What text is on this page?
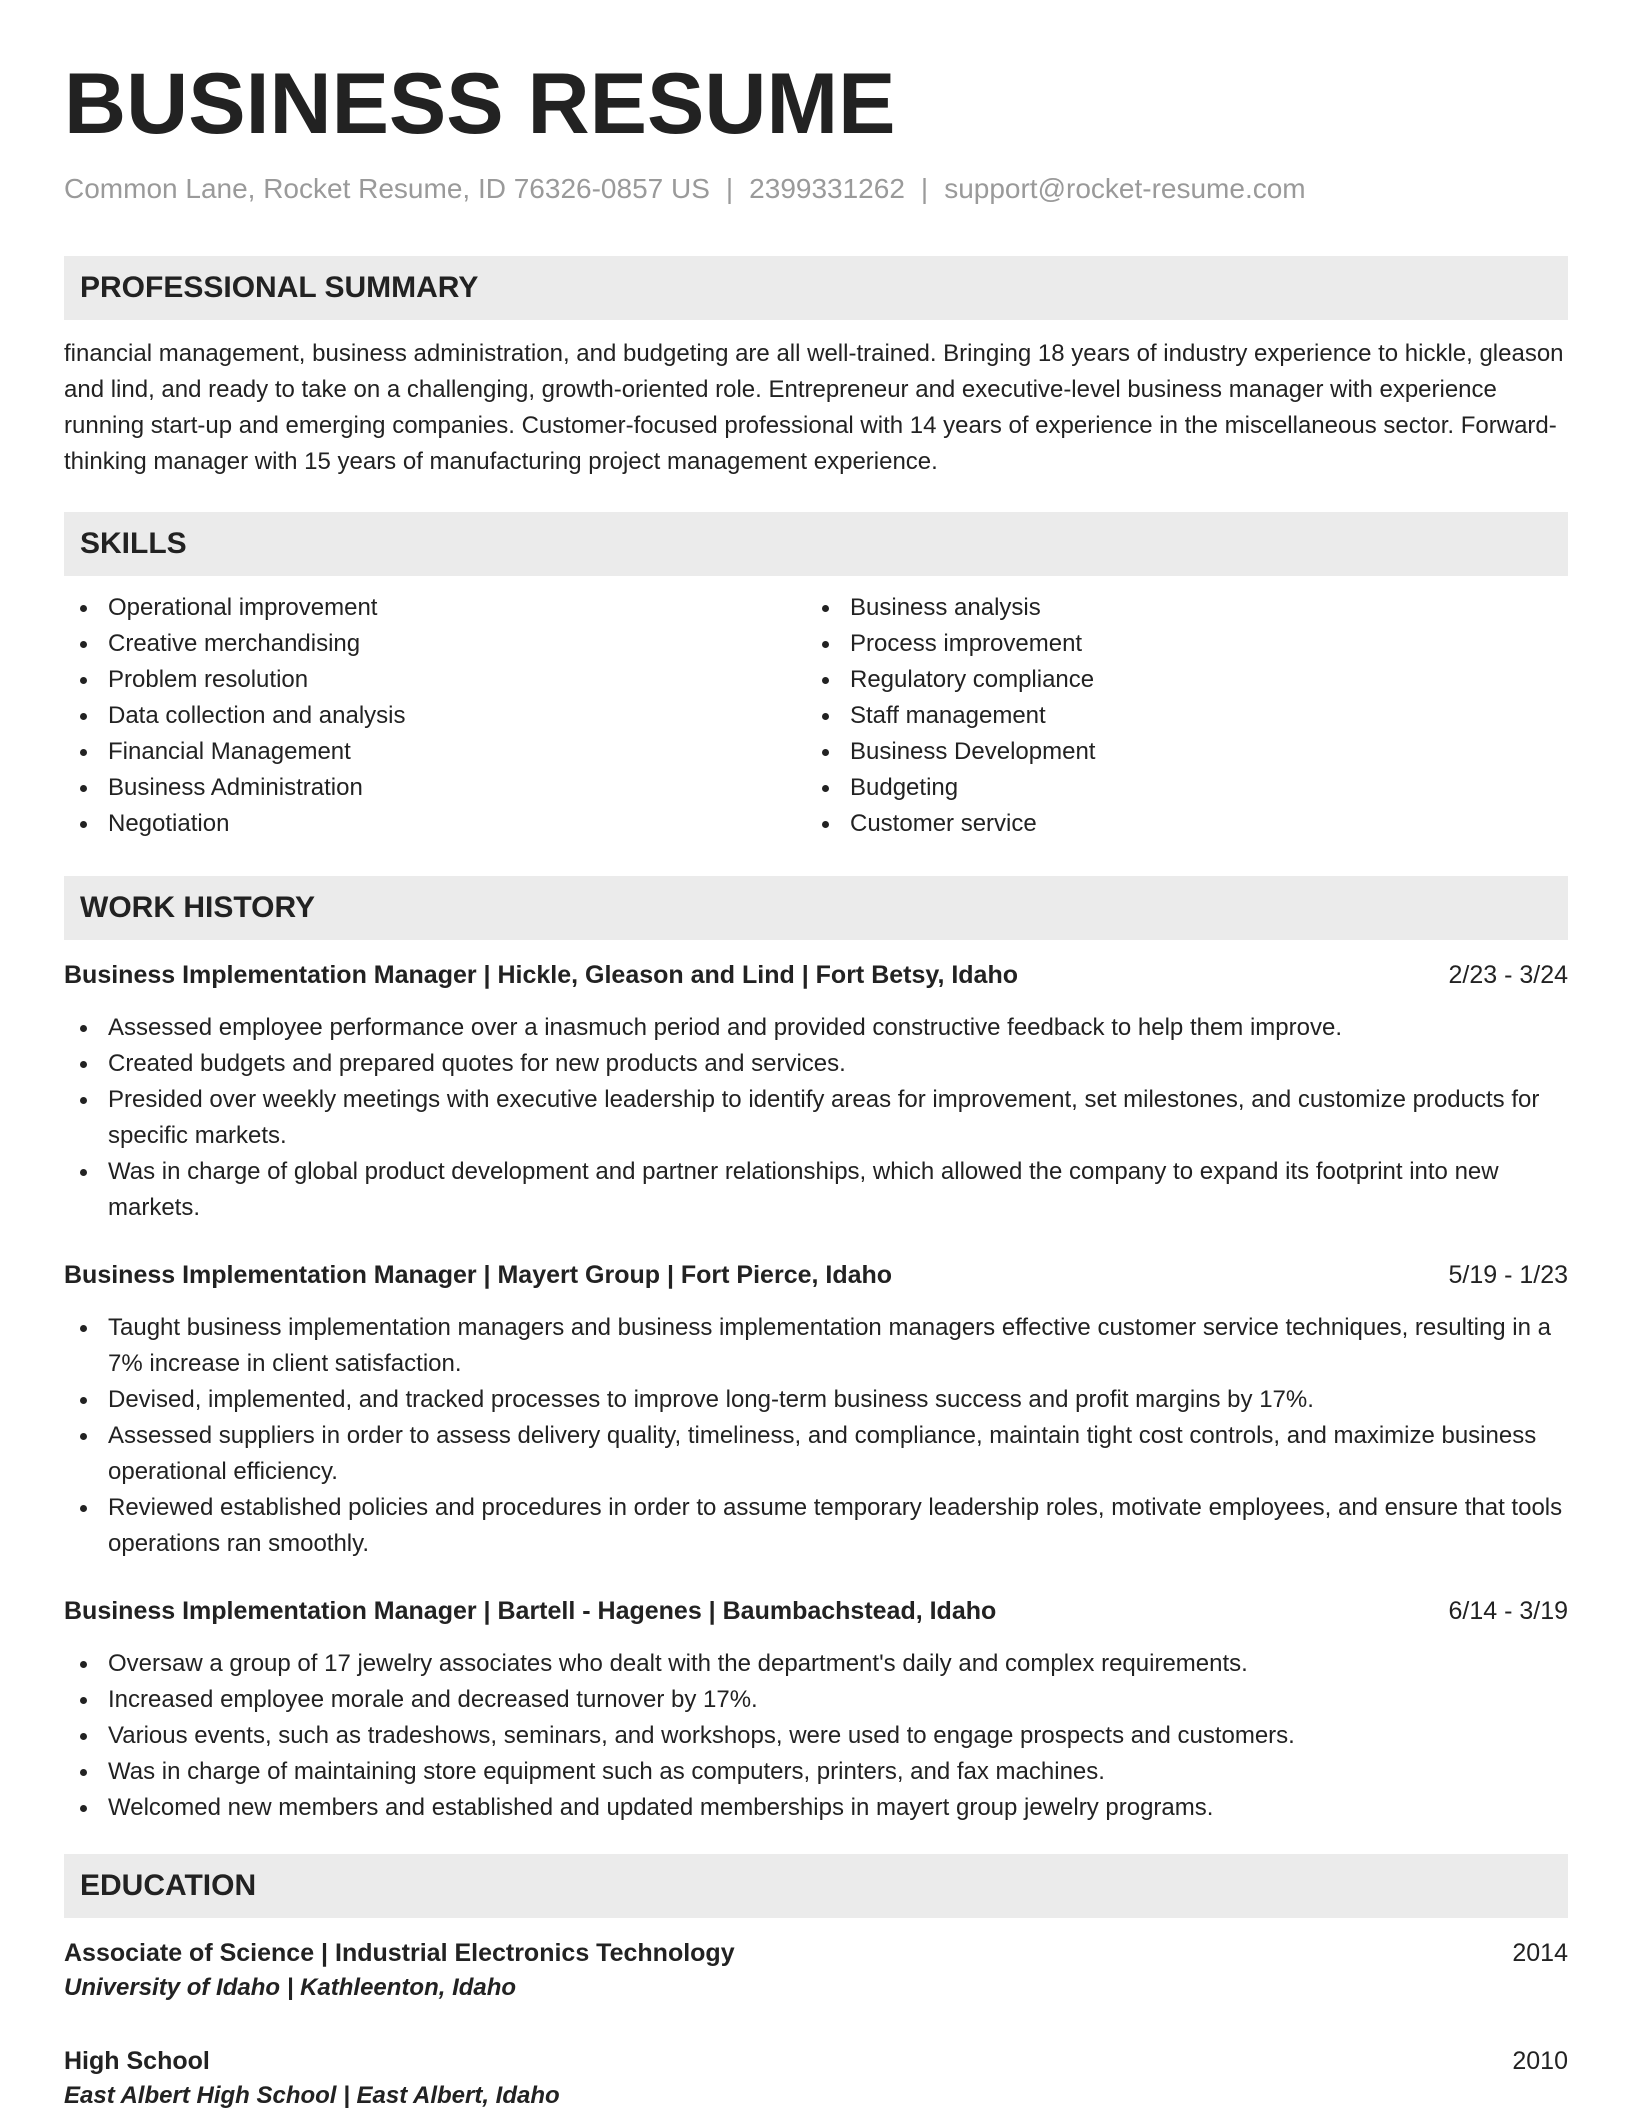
BUSINESS RESUME
Common Lane, Rocket Resume, ID 76326-0857 US | 2399331262 | support@rocket-resume.com
PROFESSIONAL SUMMARY
financial management, business administration, and budgeting are all well-trained. Bringing 18 years of industry experience to hickle, gleason and lind, and ready to take on a challenging, growth-oriented role. Entrepreneur and executive-level business manager with experience running start-up and emerging companies. Customer-focused professional with 14 years of experience in the miscellaneous sector. Forward-thinking manager with 15 years of manufacturing project management experience.
SKILLS
Operational improvement
Creative merchandising
Problem resolution
Data collection and analysis
Financial Management
Business Administration
Negotiation
Business analysis
Process improvement
Regulatory compliance
Staff management
Business Development
Budgeting
Customer service
WORK HISTORY
Business Implementation Manager | Hickle, Gleason and Lind | Fort Betsy, Idaho	2/23 - 3/24
Assessed employee performance over a inasmuch period and provided constructive feedback to help them improve.
Created budgets and prepared quotes for new products and services.
Presided over weekly meetings with executive leadership to identify areas for improvement, set milestones, and customize products for specific markets.
Was in charge of global product development and partner relationships, which allowed the company to expand its footprint into new markets.
Business Implementation Manager | Mayert Group | Fort Pierce, Idaho	5/19 - 1/23
Taught business implementation managers and business implementation managers effective customer service techniques, resulting in a 7% increase in client satisfaction.
Devised, implemented, and tracked processes to improve long-term business success and profit margins by 17%.
Assessed suppliers in order to assess delivery quality, timeliness, and compliance, maintain tight cost controls, and maximize business operational efficiency.
Reviewed established policies and procedures in order to assume temporary leadership roles, motivate employees, and ensure that tools operations ran smoothly.
Business Implementation Manager | Bartell - Hagenes | Baumbachstead, Idaho	6/14 - 3/19
Oversaw a group of 17 jewelry associates who dealt with the department's daily and complex requirements.
Increased employee morale and decreased turnover by 17%.
Various events, such as tradeshows, seminars, and workshops, were used to engage prospects and customers.
Was in charge of maintaining store equipment such as computers, printers, and fax machines.
Welcomed new members and established and updated memberships in mayert group jewelry programs.
EDUCATION
Associate of Science | Industrial Electronics Technology	2014
University of Idaho | Kathleenton, Idaho
High School	2010
East Albert High School | East Albert, Idaho
